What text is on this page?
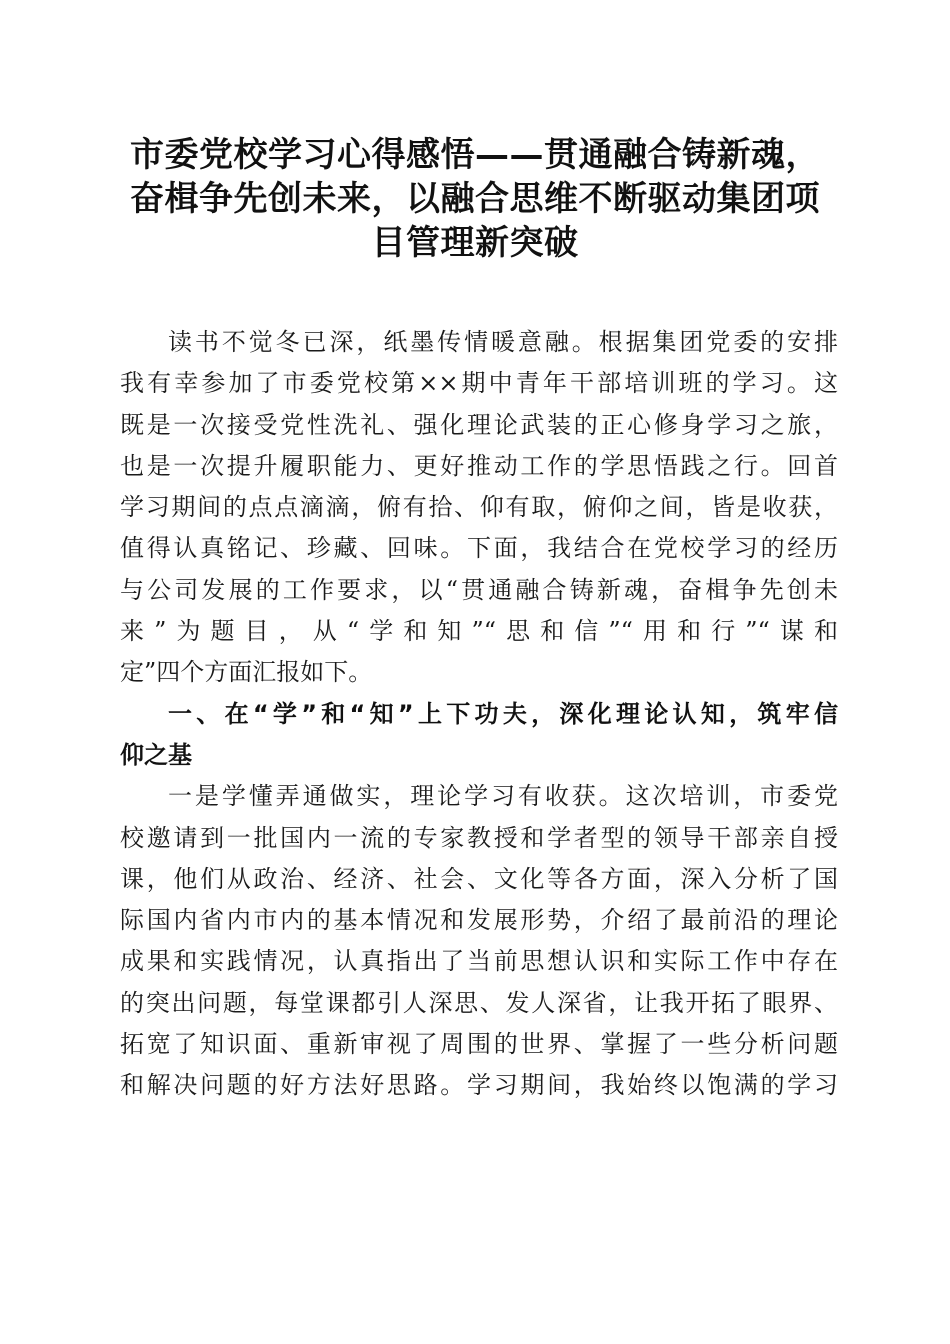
市委党校学习心得感悟——贯通融合铸新魂，
奋楫争先创未来，以融合思维不断驱动集团项
目管理新突破
读书不觉冬已深，纸墨传情暖意融。根据集团党委的安排
我有幸参加了市委党校第××期中青年干部培训班的学习。这
既是一次接受党性洗礼、强化理论武装的正心修身学习之旅，
也是一次提升履职能力、更好推动工作的学思悟践之行。回首
学习期间的点点滴滴，俯有拾、仰有取，俯仰之间，皆是收获，
值得认真铭记、珍藏、回味。下面，我结合在党校学习的经历
与公司发展的工作要求，以“贯通融合铸新魂，奋楫争先创未
来”为题目，从“学和知”“思和信”“用和行”“谋和
定”四个方面汇报如下。
一、在“学”和“知”上下功夫，深化理论认知，筑牢信
仰之基
一是学懂弄通做实，理论学习有收获。这次培训，市委党
校邀请到一批国内一流的专家教授和学者型的领导干部亲自授
课，他们从政治、经济、社会、文化等各方面，深入分析了国
际国内省内市内的基本情况和发展形势，介绍了最前沿的理论
成果和实践情况，认真指出了当前思想认识和实际工作中存在
的突出问题，每堂课都引人深思、发人深省，让我开拓了眼界、
拓宽了知识面、重新审视了周围的世界、掌握了一些分析问题
和解决问题的好方法好思路。学习期间，我始终以饱满的学习
